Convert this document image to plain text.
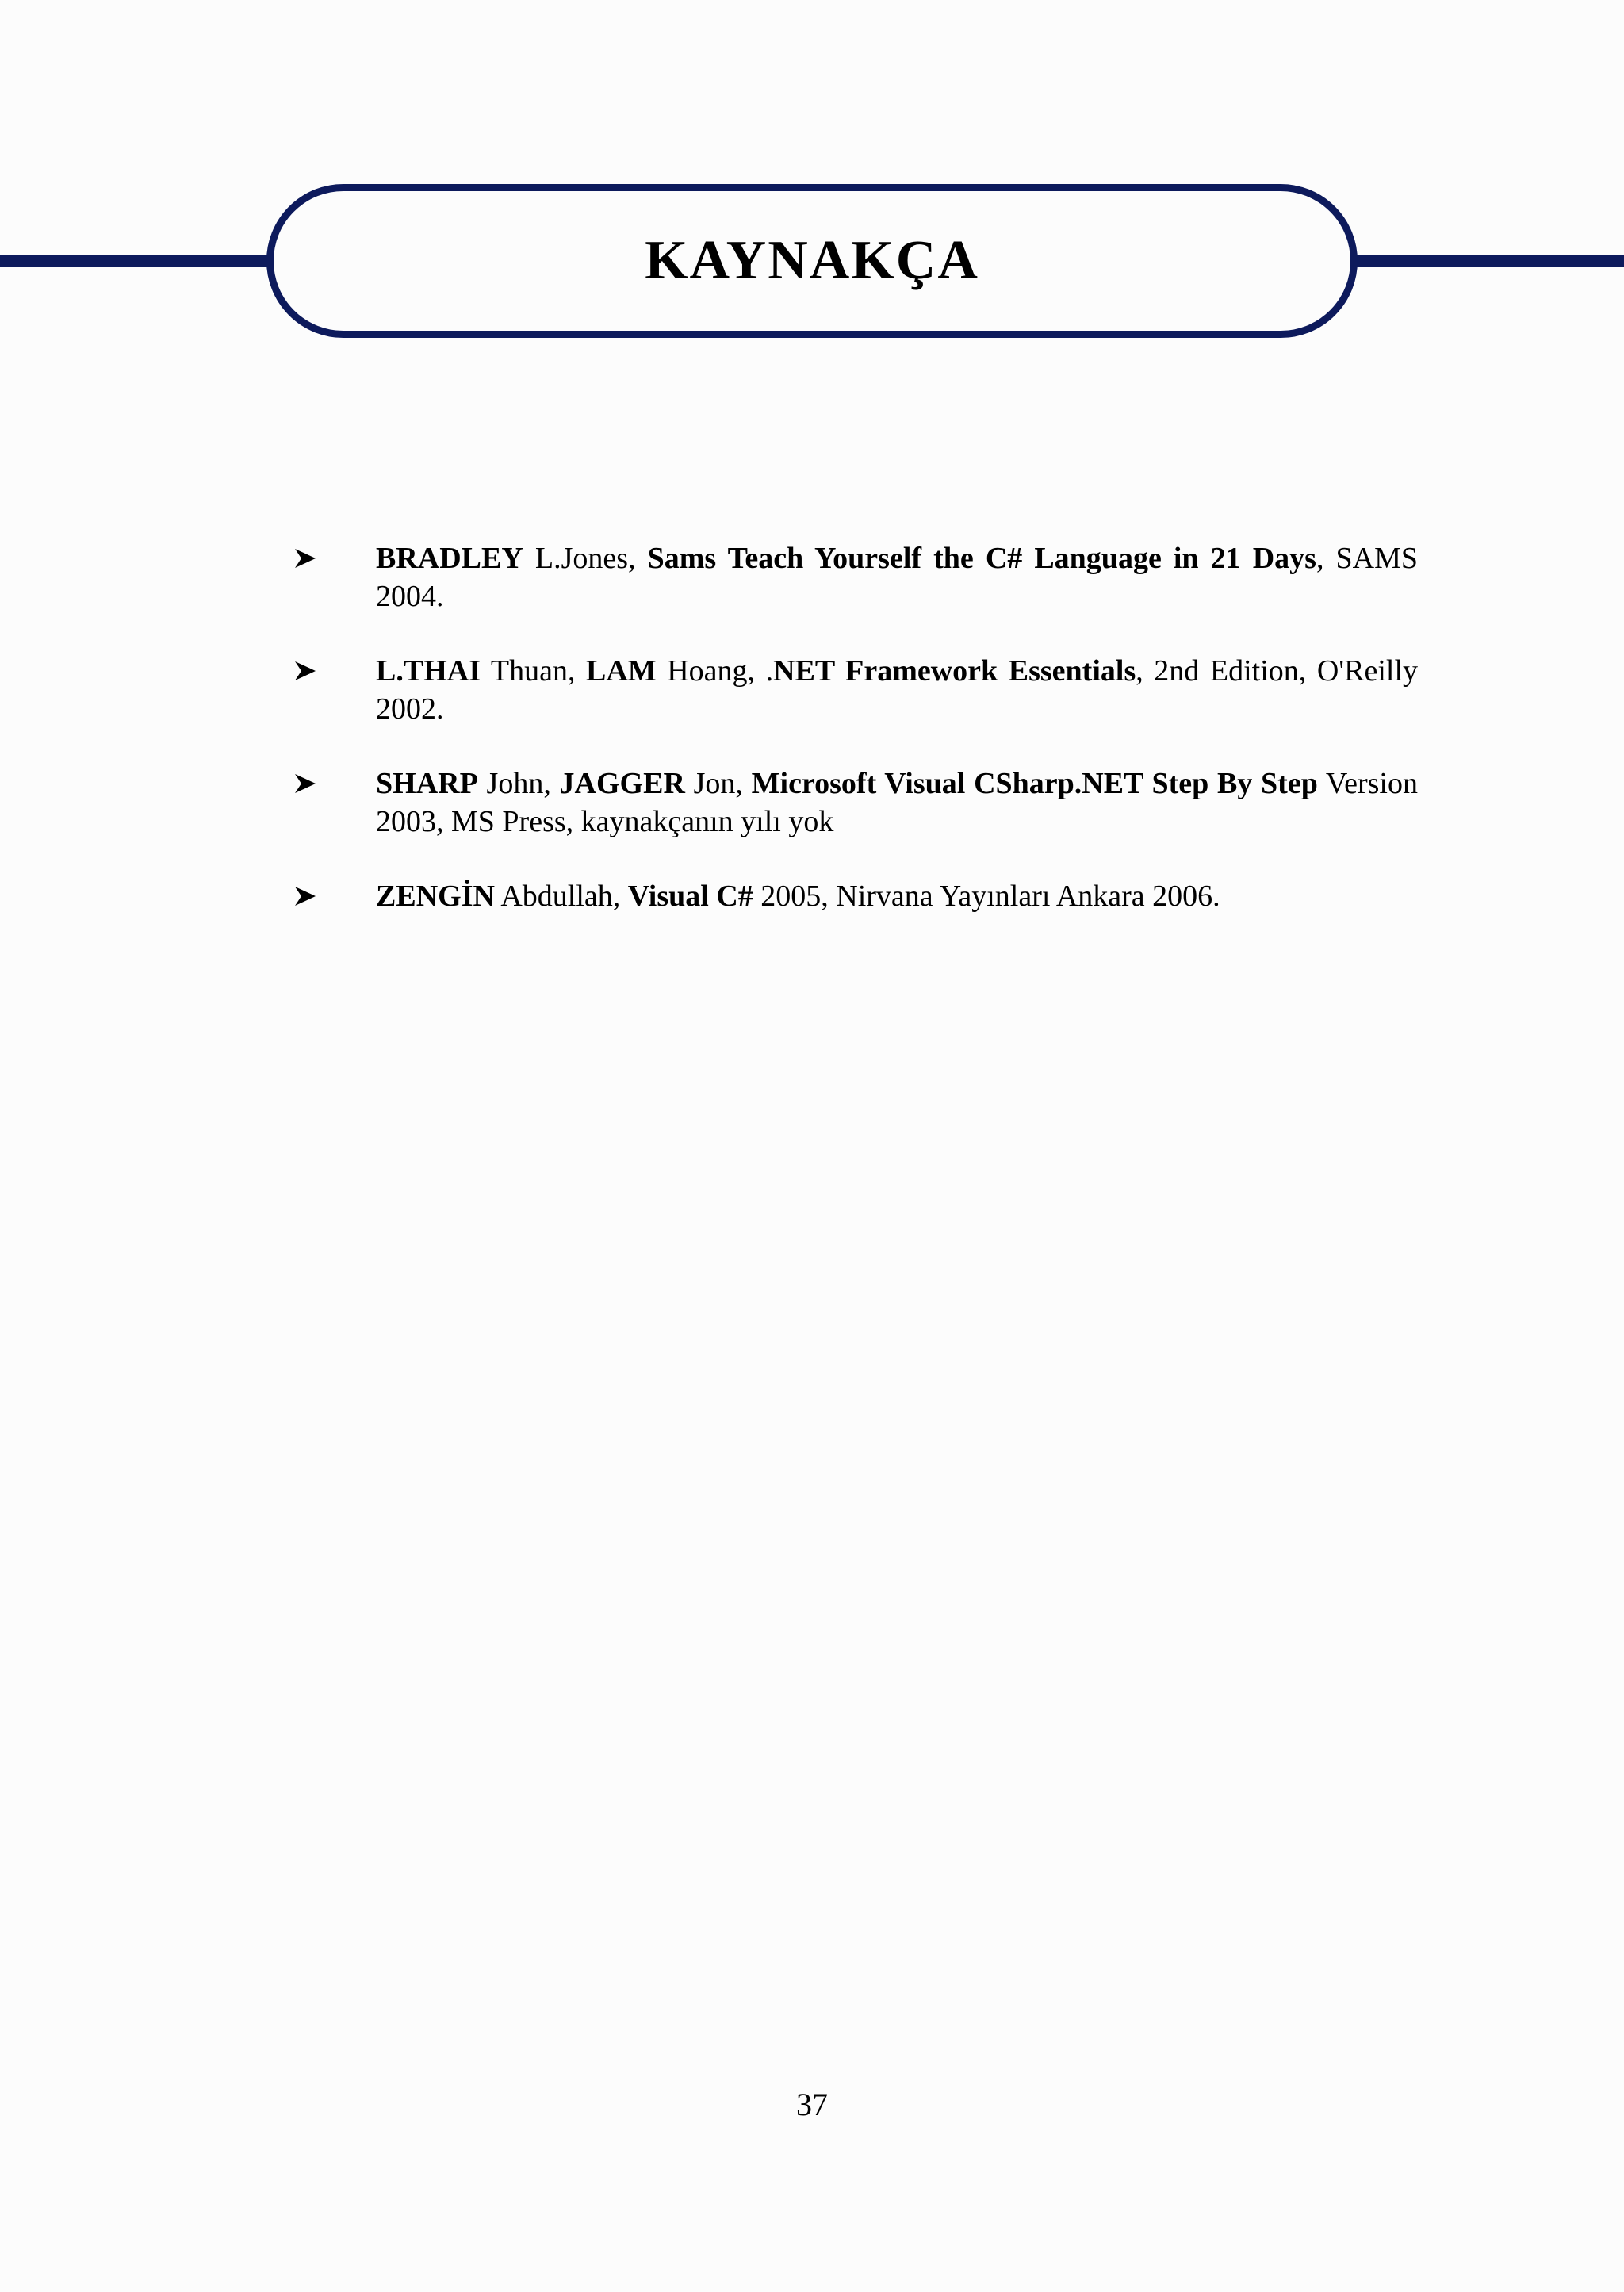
KAYNAKÇA
BRADLEY L.Jones, Sams Teach Yourself the C# Language in 21 Days, SAMS 2004.
L.THAI Thuan, LAM Hoang, .NET Framework Essentials, 2nd Edition, O'Reilly 2002.
SHARP John, JAGGER Jon, Microsoft Visual CSharp.NET Step By Step Version 2003, MS Press, kaynakçanın yılı yok
ZENGİN Abdullah, Visual C# 2005, Nirvana Yayınları Ankara 2006.
37
